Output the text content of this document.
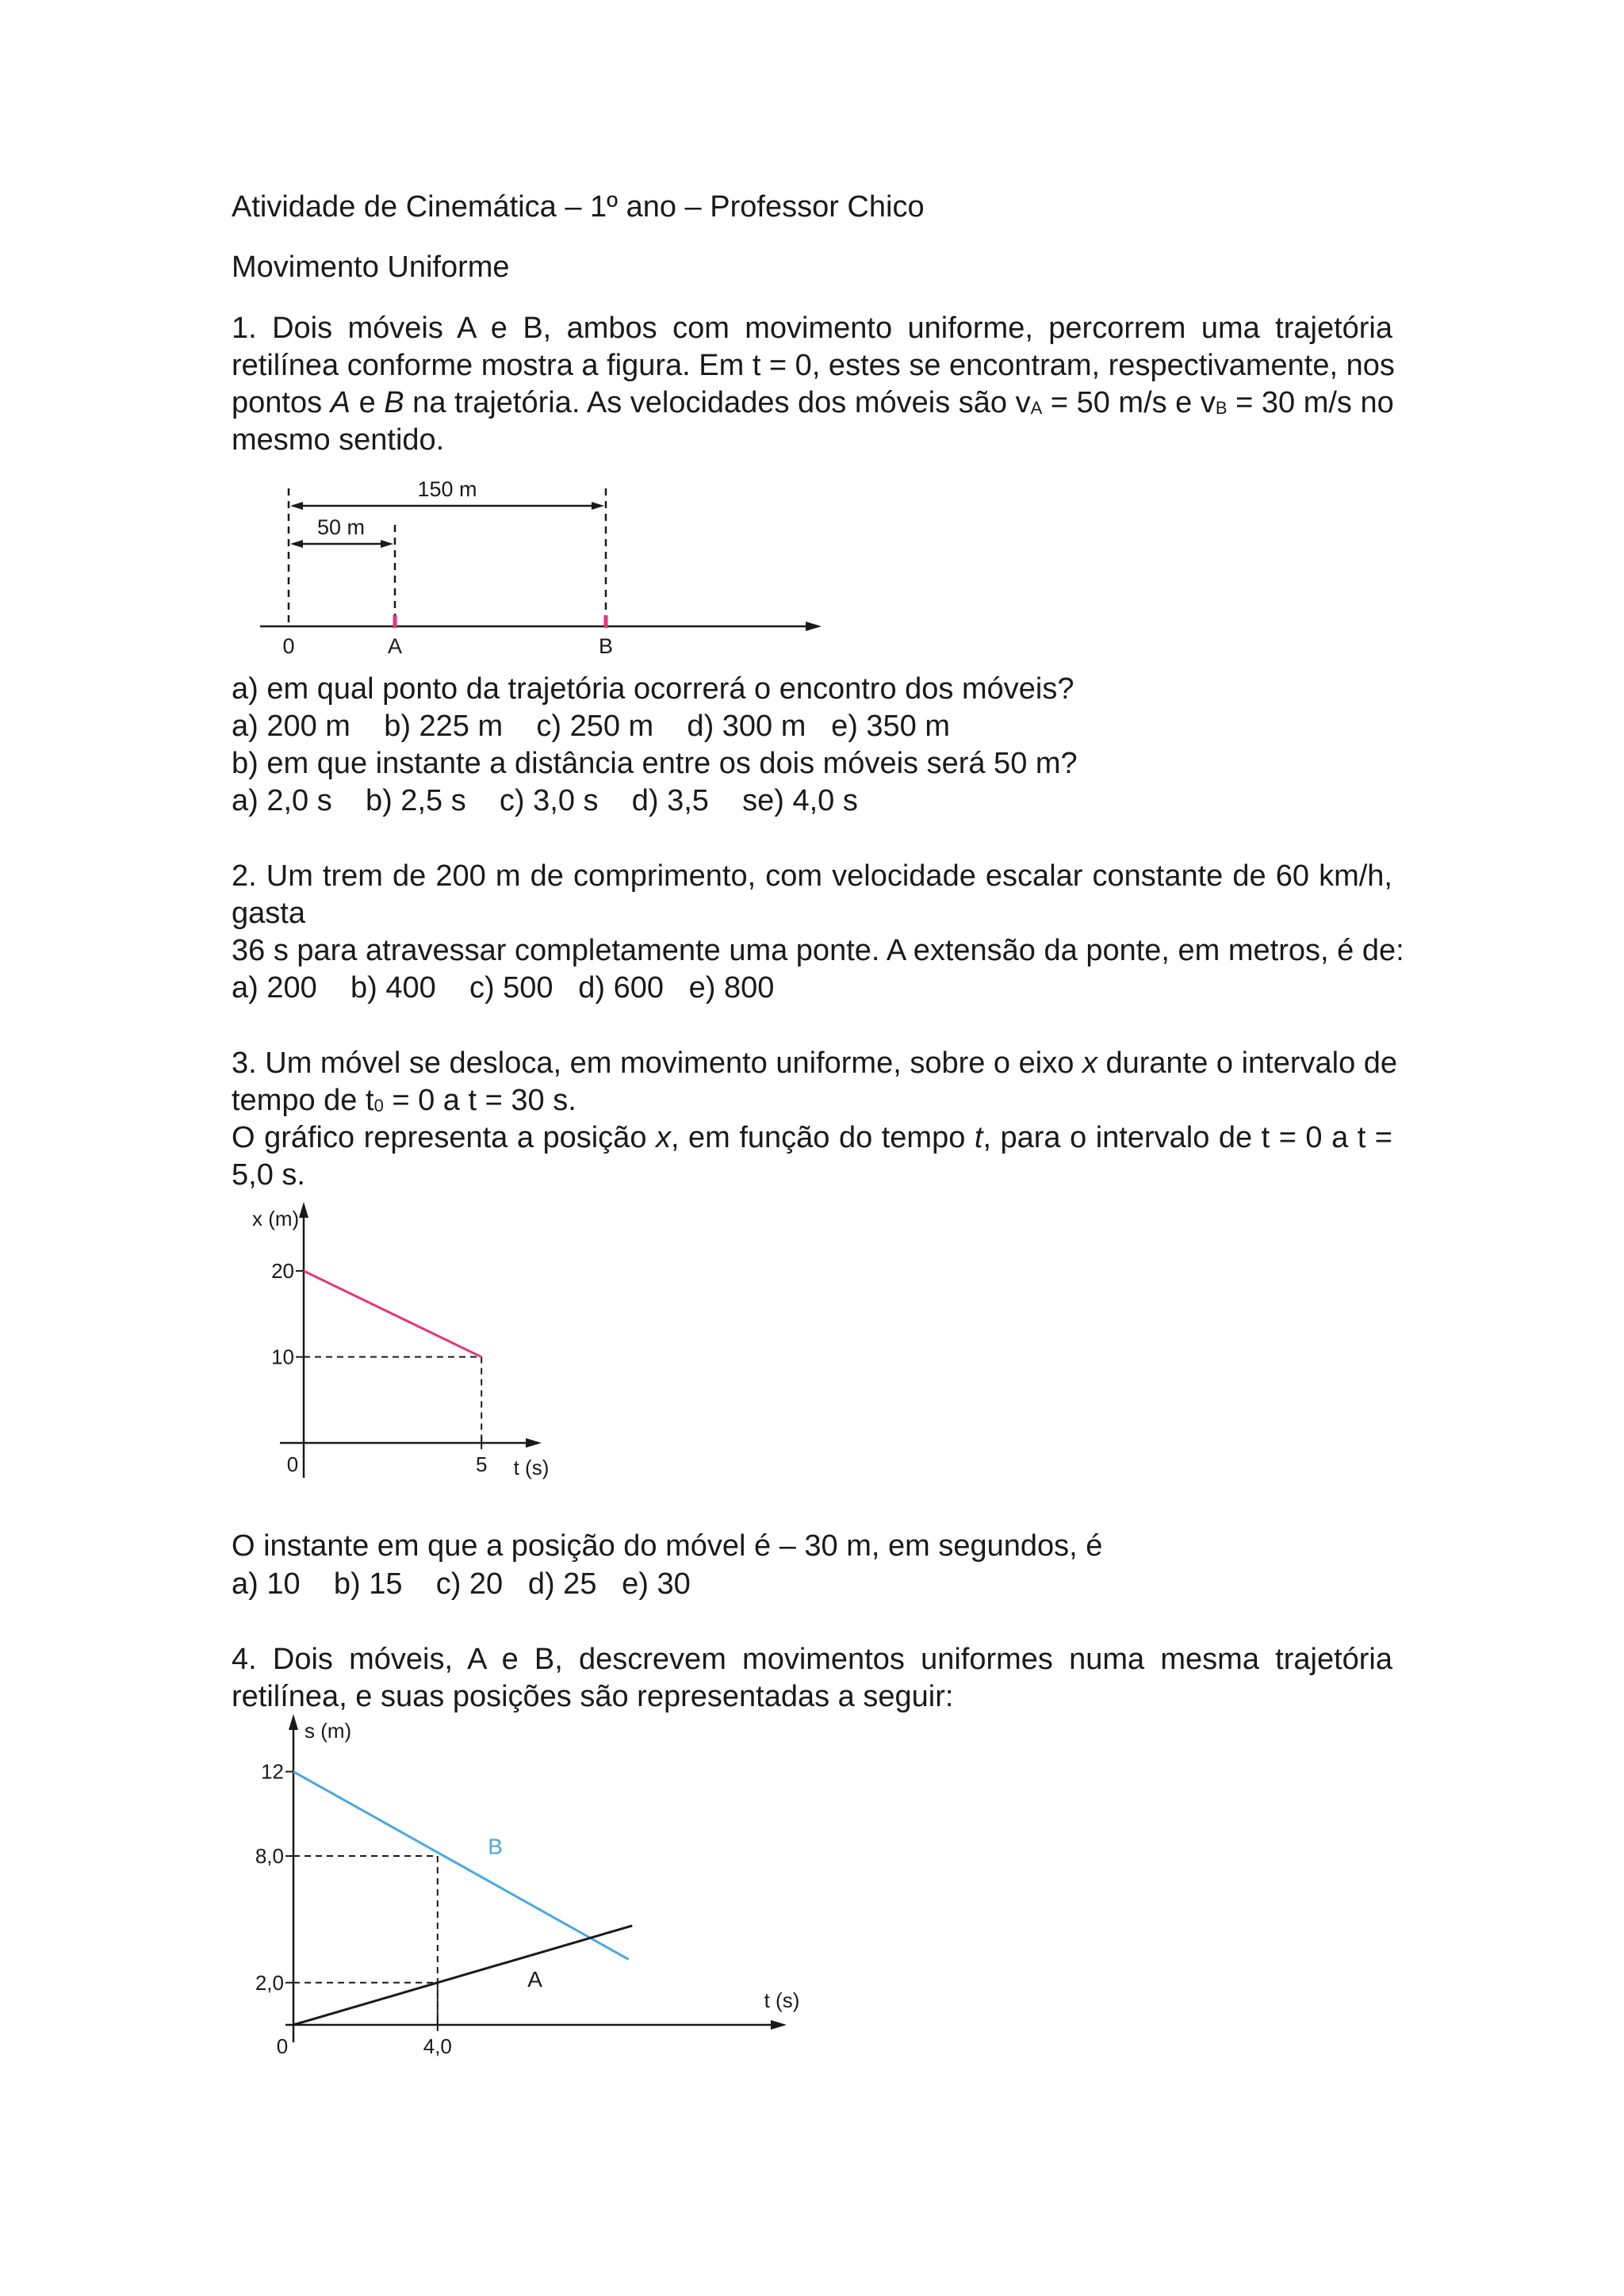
Atividade de Cinemática – 1º ano – Professor Chico

Movimento Uniforme

1. Dois móveis A e B, ambos com movimento uniforme, percorrem uma trajetória

retilínea conforme mostra a figura. Em t = 0, estes se encontram, respectivamente, nos

pontos A e B na trajetória. As velocidades dos móveis são $v_A = 50$ m/s e $v_B = 30$ m/s no

mesmo sentido.

150 m
50 m
0	A	B

a) em qual ponto da trajetória ocorrerá o encontro dos móveis?

a) 200 m    b) 225 m    c) 250 m    d) 300 m   e) 350 m

b) em que instante a distância entre os dois móveis será 50 m?

a) 2,0 s    b) 2,5 s    c) 3,0 s    d) 3,5    se) 4,0 s

2. Um trem de 200 m de comprimento, com velocidade escalar constante de 60 km/h,

gasta

36 s para atravessar completamente uma ponte. A extensão da ponte, em metros, é de:

a) 200    b) 400    c) 500   d) 600   e) 800

3. Um móvel se desloca, em movimento uniforme, sobre o eixo x durante o intervalo de

tempo de $t_0 = 0$ a t = 30 s.

O gráfico representa a posição x, em função do tempo t, para o intervalo de t = 0 a t =

5,0 s.

10
20
0	5 t (s)
x (m)

O instante em que a posição do móvel é – 30 m, em segundos, é

a) 10    b) 15    c) 20   d) 25   e) 30

4. Dois móveis, A e B, descrevem movimentos uniformes numa mesma trajetória

retilínea, e suas posições são representadas a seguir:

2,0
8,0
12
0	4,0
t (s)
s (m)
B
A
